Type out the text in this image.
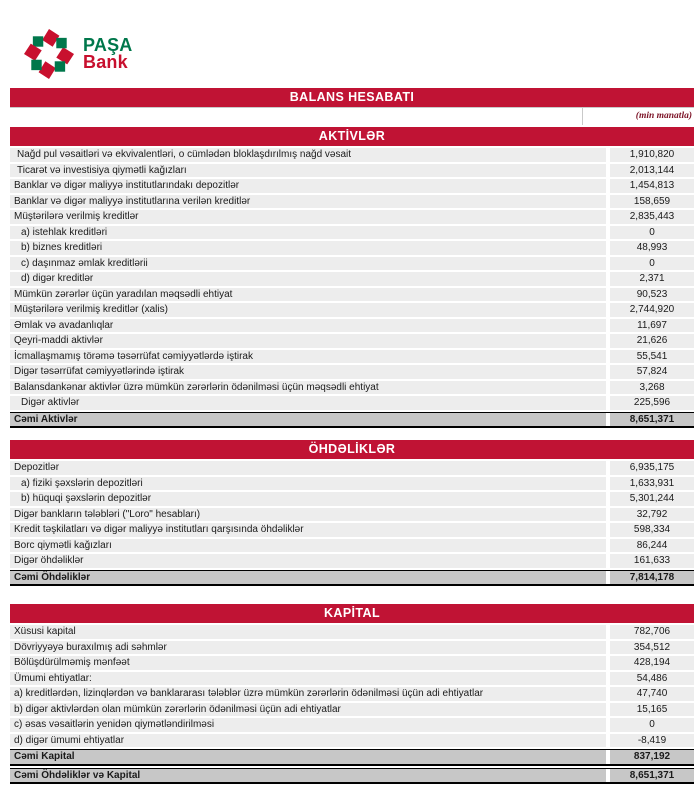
PAŞA
Bank
BALANS HESABATI
(min manatla)
AKTİVLƏR
Nağd pul vəsaitləri və ekvivalentləri, o cümlədən bloklaşdırılmış nağd vəsait	1,910,820
Ticarət və investisiya qiymətli kağızları	2,013,144
Banklar və digər maliyyə institutlarındakı depozitlər	1,454,813
Banklar və digər maliyyə institutlarına verilən kreditlər	158,659
Müştərilərə verilmiş kreditlər	2,835,443
a) istehlak kreditləri	0
b) biznes kreditləri	48,993
c) daşınmaz əmlak kreditlərii	0
d) digər kreditlər	2,371
Mümkün zərərlər üçün yaradılan məqsədli ehtiyat	90,523
Müştərilərə verilmiş kreditlər (xalis)	2,744,920
Əmlak və avadanlıqlar	11,697
Qeyri-maddi aktivlər	21,626
İcmallaşmamış törəmə təsərrüfat cəmiyyətlərdə iştirak	55,541
Digər təsərrüfat cəmiyyətlərində iştirak	57,824
Balansdankənar aktivlər üzrə mümkün zərərlərin ödənilməsi üçün məqsədli ehtiyat	3,268
Digər aktivlər	225,596
Cəmi Aktivlər	8,651,371
ÖHDƏLİKLƏR
Depozitlər	6,935,175
a) fiziki şəxslərin depozitləri	1,633,931
b) hüquqi şəxslərin depozitlər	5,301,244
Digər bankların tələbləri ("Loro" hesabları)	32,792
Kredit təşkilatları və digər maliyyə institutları qarşısında öhdəliklər	598,334
Borc qiymətli kağızları	86,244
Digər öhdəliklər	161,633
Cəmi Öhdəliklər	7,814,178
KAPİTAL
Xüsusi kapital	782,706
Dövriyyəyə buraxılmış adi səhmlər	354,512
Bölüşdürülməmiş mənfəət	428,194
Ümumi ehtiyatlar:	54,486
a) kreditlərdən, lizinqlərdən və banklararası tələblər üzrə mümkün zərərlərin ödənilməsi üçün adi ehtiyatlar	47,740
b) digər aktivlərdən olan mümkün zərərlərin ödənilməsi üçün adi ehtiyatlar	15,165
c) əsas vəsaitlərin yenidən qiymətləndirilməsi	0
d) digər ümumi ehtiyatlar	-8,419
Cəmi Kapital	837,192
Cəmi Öhdəliklər və Kapital	8,651,371
